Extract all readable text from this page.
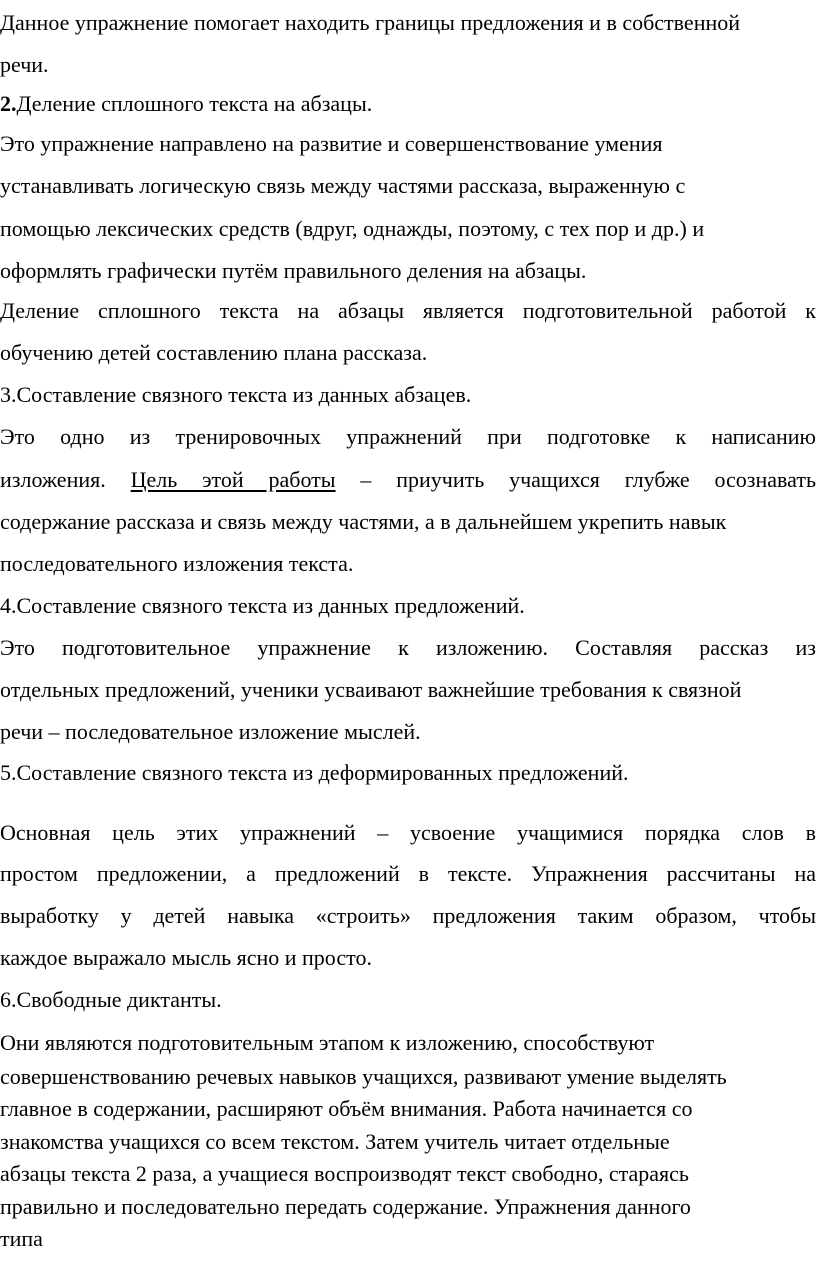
Данное упражнение помогает находить границы предложения и в собственной
речи.
2.Деление сплошного текста на абзацы.
Это упражнение направлено на развитие и совершенствование умения
устанавливать логическую связь между частями рассказа, выраженную с
помощью лексических средств (вдруг, однажды, поэтому, с тех пор и др.) и
оформлять графически путём правильного деления на абзацы.
Деление сплошного текста на абзацы является подготовительной работой к
обучению детей составлению плана рассказа.
3.Составление связного текста из данных абзацев.
Это одно из тренировочных упражнений при подготовке к написанию
изложения. Цель этой работы – приучить учащихся глубже осознавать
содержание рассказа и связь между частями, а в дальнейшем укрепить навык
последовательного изложения текста.
4.Составление связного текста из данных предложений.
Это подготовительное упражнение к изложению. Составляя рассказ из
отдельных предложений, ученики усваивают важнейшие требования к связной
речи – последовательное изложение мыслей.
5.Составление связного текста из деформированных предложений.
Основная цель этих упражнений – усвоение учащимися порядка слов в
простом предложении, а предложений в тексте. Упражнения рассчитаны на
выработку у детей навыка «строить» предложения таким образом, чтобы
каждое выражало мысль ясно и просто.
6.Свободные диктанты.
Они являются подготовительным этапом к изложению, способствуют
совершенствованию речевых навыков учащихся, развивают умение выделять
главное в содержании, расширяют объём внимания. Работа начинается со
знакомства учащихся со всем текстом. Затем учитель читает отдельные
абзацы текста 2 раза, а учащиеся воспроизводят текст свободно, стараясь
правильно и последовательно передать содержание. Упражнения данного
типа
